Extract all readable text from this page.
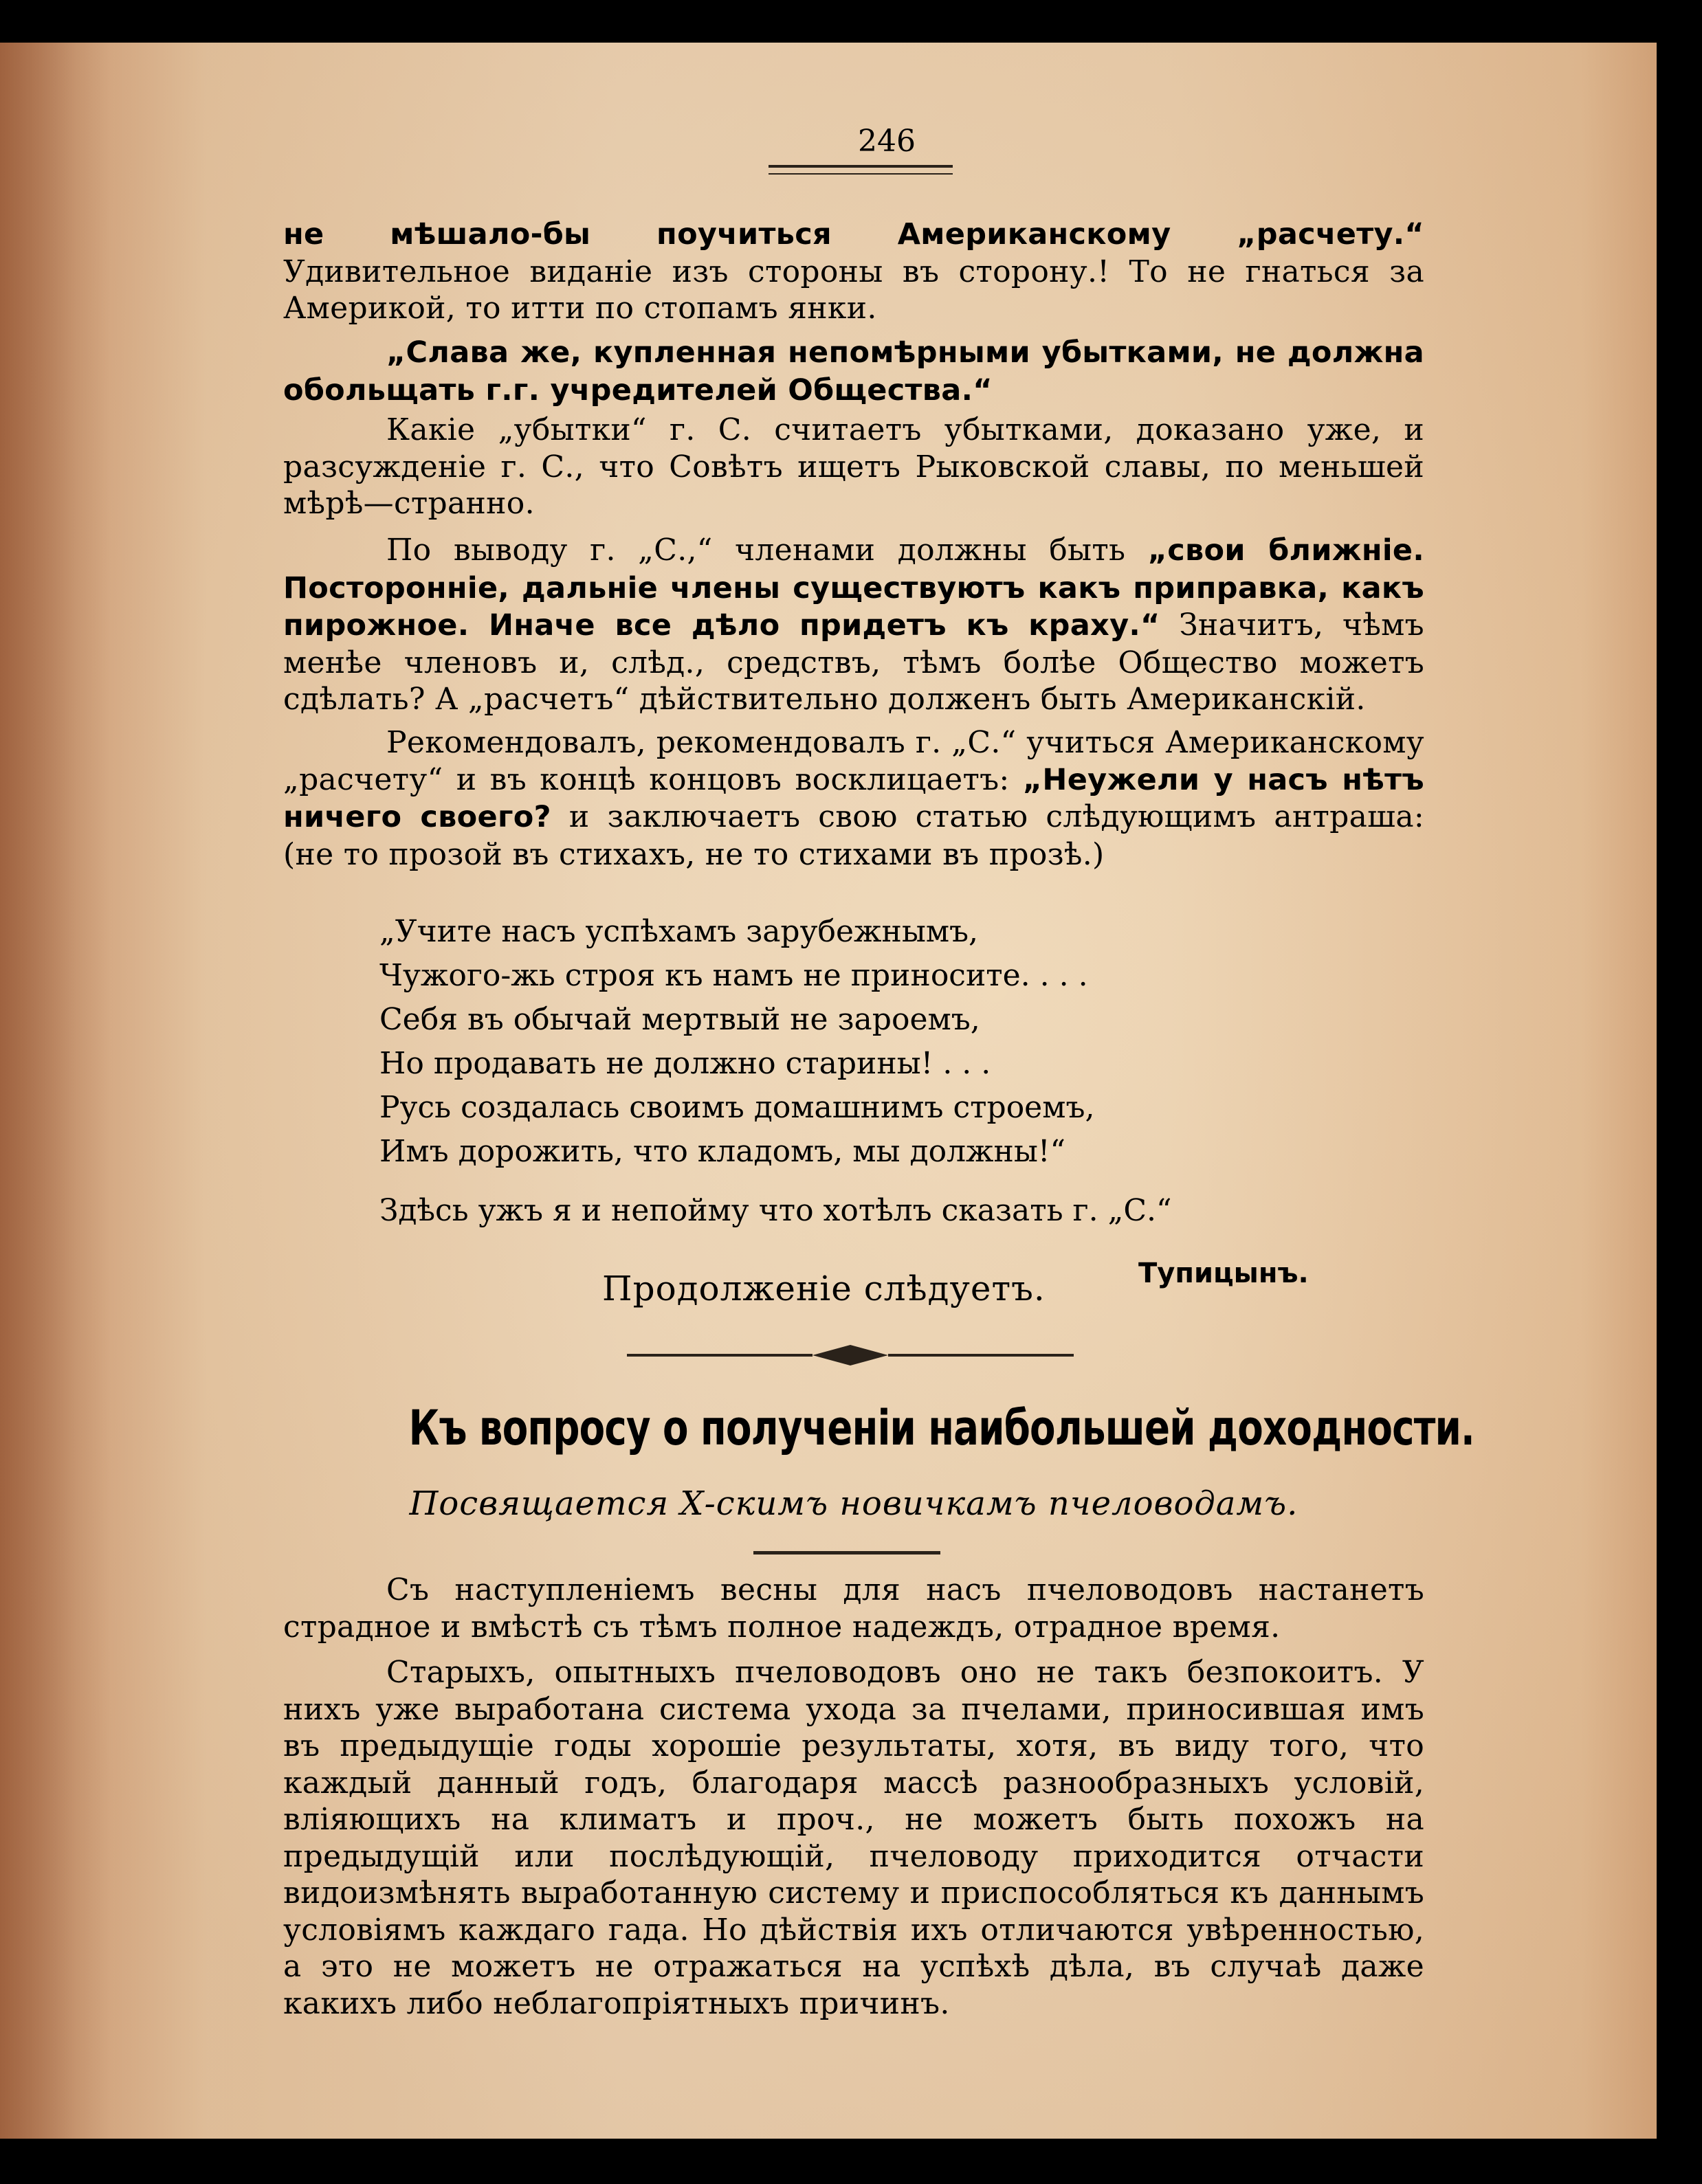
246
не мѣшало-бы поучиться Американскому „расчету.“ Удивительное виданіе изъ стороны въ сторону.! То не гнаться за Америкой, то итти по стопамъ янки.
„Слава же, купленная непомѣрными убытками, не должна обольщать г.г. учредителей Общества.“
Какіе „убытки“ г. С. считаетъ убытками, доказано уже, и разсужденіе г. С., что Совѣтъ ищетъ Рыковской славы, по меньшей мѣрѣ—странно.
По выводу г. „С.,“ членами должны быть „свои ближніе. Посторонніе, дальніе члены существуютъ какъ приправка, какъ пирожное. Иначе все дѣло придетъ къ краху.“ Значитъ, чѣмъ менѣе членовъ и, слѣд., средствъ, тѣмъ болѣе Общество можетъ сдѣлать? А „расчетъ“ дѣйствительно долженъ быть Американскій.
Рекомендовалъ, рекомендовалъ г. „С.“ учиться Американскому „расчету“ и въ концѣ концовъ восклицаетъ: „Неужели у насъ нѣтъ ничего своего? и заключаетъ свою статью слѣдующимъ антраша: (не то прозой въ стихахъ, не то стихами въ прозѣ.)
„Учите насъ успѣхамъ зарубежнымъ,
Чужого-жь строя къ намъ не приносите. . . .
Себя въ обычай мертвый не зароемъ,
Но продавать не должно старины! . . .
Русь создалась своимъ домашнимъ строемъ,
Имъ дорожить, что кладомъ, мы должны!“
Здѣсь ужъ я и непойму что хотѣлъ сказать г. „С.“
Продолженіе слѣдуетъ.	Тупицынъ.
Къ вопросу о полученіи наибольшей доходности.
Посвящается Х-скимъ новичкамъ пчеловодамъ.
Съ наступленіемъ весны для насъ пчеловодовъ настанетъ страдное и вмѣстѣ съ тѣмъ полное надеждъ, отрадное время.
Старыхъ, опытныхъ пчеловодовъ оно не такъ безпокоитъ. У нихъ уже выработана система ухода за пчелами, приносившая имъ въ предыдущіе годы хорошіе результаты, хотя, въ виду того, что каждый данный годъ, благодаря массѣ разнообразныхъ условій, вліяющихъ на климатъ и проч., не можетъ быть похожъ на предыдущій или послѣдующій, пчеловоду приходится отчасти видоизмѣнять выработанную систему и приспособляться къ даннымъ условіямъ каждаго гада. Но дѣйствія ихъ отличаются увѣренностью, а это не можетъ не отражаться на успѣхѣ дѣла, въ случаѣ даже какихъ либо неблагопріятныхъ причинъ.
